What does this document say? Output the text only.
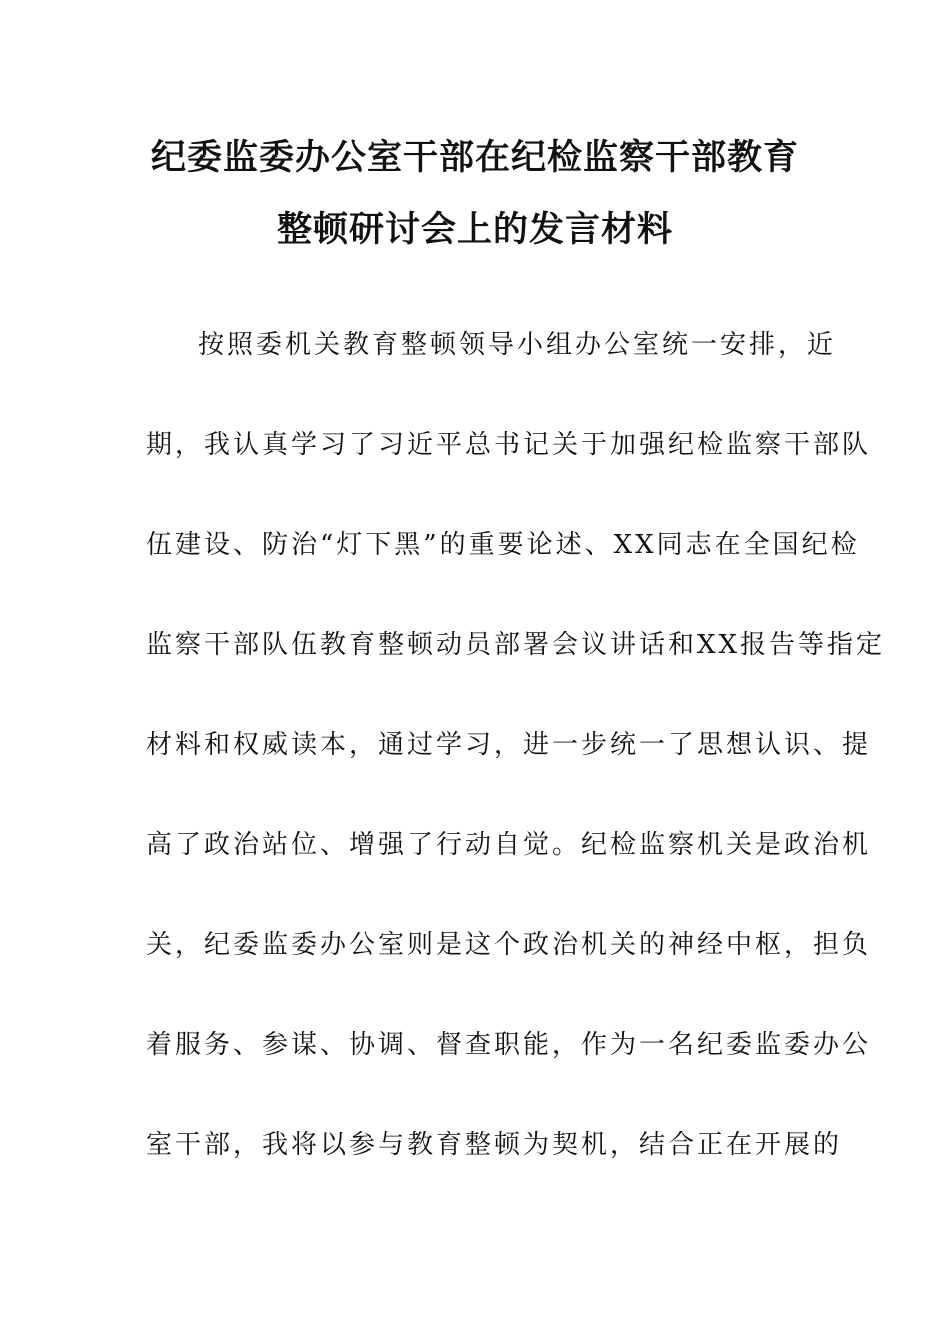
纪委监委办公室干部在纪检监察干部教育
整顿研讨会上的发言材料
按照委机关教育整顿领导小组办公室统一安排，近
期，我认真学习了习近平总书记关于加强纪检监察干部队
伍建设、防治“灯下黑”的重要论述、XX同志在全国纪检
监察干部队伍教育整顿动员部署会议讲话和XX报告等指定
材料和权威读本，通过学习，进一步统一了思想认识、提
高了政治站位、增强了行动自觉。纪检监察机关是政治机
关，纪委监委办公室则是这个政治机关的神经中枢，担负
着服务、参谋、协调、督查职能，作为一名纪委监委办公
室干部，我将以参与教育整顿为契机，结合正在开展的
